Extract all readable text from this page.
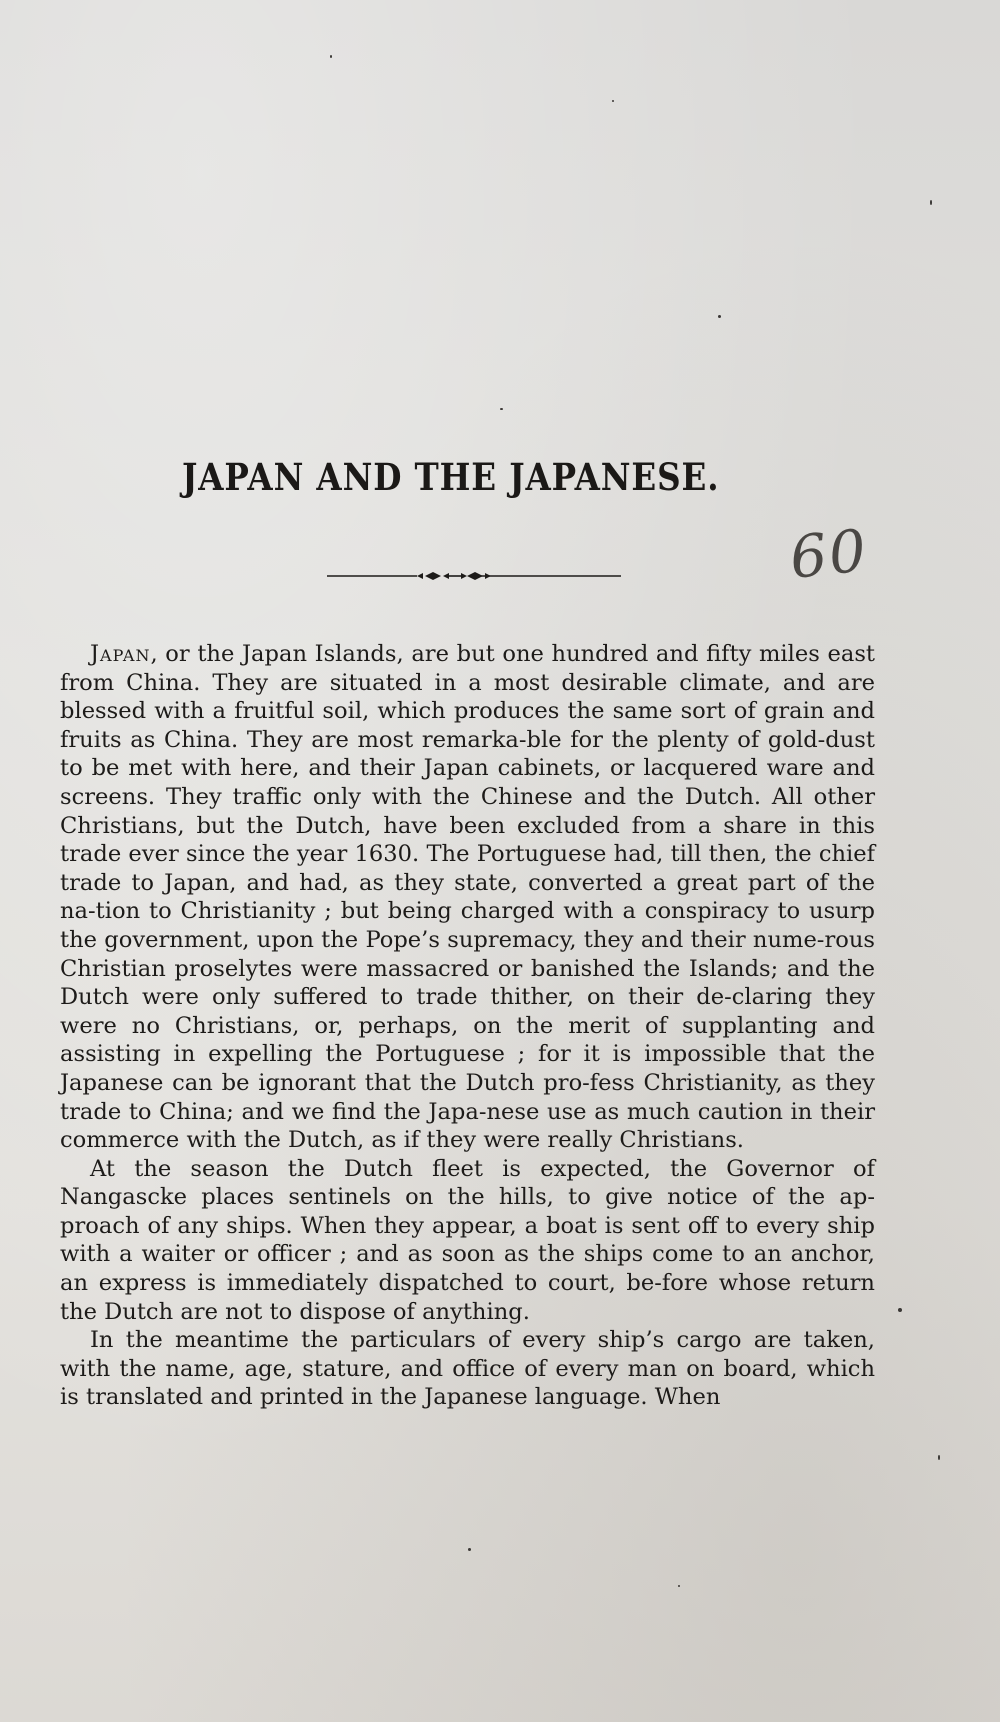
JAPAN AND THE JAPANESE.
60

Japan, or the Japan Islands, are but one hundred and fifty miles east from China. They are situated in a most desirable climate, and are blessed with a fruitful soil, which produces the same sort of grain and fruits as China. They are most remarka-ble for the plenty of gold-dust to be met with here, and their Japan cabinets, or lacquered ware and screens. They traffic only with the Chinese and the Dutch. All other Christians, but the Dutch, have been excluded from a share in this trade ever since the year 1630. The Portuguese had, till then, the chief trade to Japan, and had, as they state, converted a great part of the na-tion to Christianity ; but being charged with a conspiracy to usurp the government, upon the Pope’s supremacy, they and their nume-rous Christian proselytes were massacred or banished the Islands; and the Dutch were only suffered to trade thither, on their de-claring they were no Christians, or, perhaps, on the merit of supplanting and assisting in expelling the Portuguese ; for it is impossible that the Japanese can be ignorant that the Dutch pro-fess Christianity, as they trade to China; and we find the Japa-nese use as much caution in their commerce with the Dutch, as if they were really Christians.

At the season the Dutch fleet is expected, the Governor of Nangascke places sentinels on the hills, to give notice of the ap-proach of any ships. When they appear, a boat is sent off to every ship with a waiter or officer ; and as soon as the ships come to an anchor, an express is immediately dispatched to court, be-fore whose return the Dutch are not to dispose of anything.

In the meantime the particulars of every ship’s cargo are taken, with the name, age, stature, and office of every man on board, which is translated and printed in the Japanese language. When
